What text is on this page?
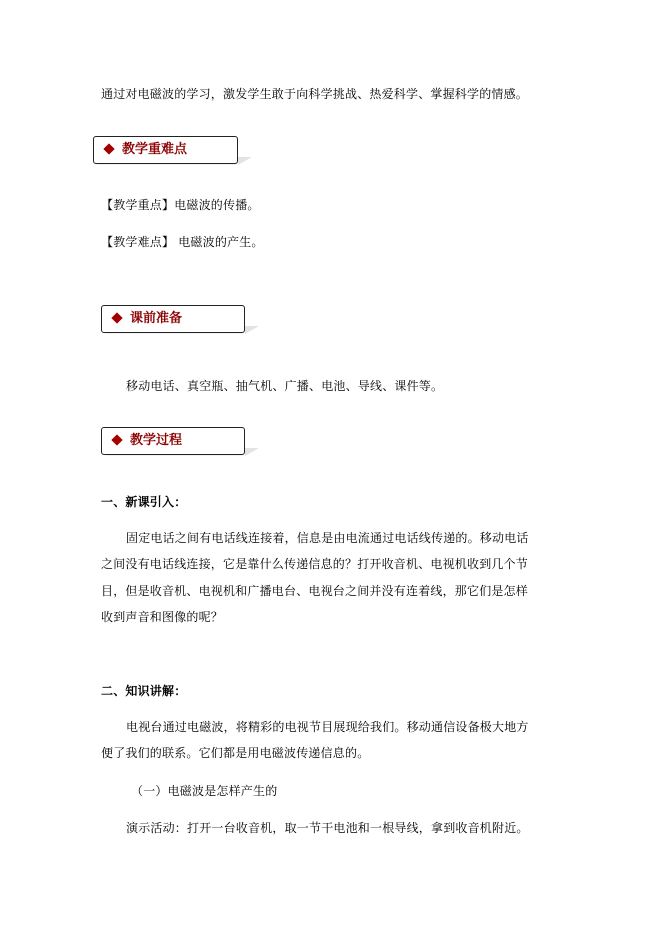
通过对电磁波的学习，激发学生敢于向科学挑战、热爱科学、掌握科学的情感。
教学重难点
【教学重点】电磁波的传播。
【教学难点】 电磁波的产生。
课前准备
移动电话、真空瓶、抽气机、广播、电池、导线、课件等。
教学过程
一、新课引入：
固定电话之间有电话线连接着，信息是由电流通过电话线传递的。移动电话
之间没有电话线连接，它是靠什么传递信息的？打开收音机、电视机收到几个节
目，但是收音机、电视机和广播电台、电视台之间并没有连着线，那它们是怎样
收到声音和图像的呢？
二、知识讲解：
电视台通过电磁波，将精彩的电视节目展现给我们。移动通信设备极大地方
便了我们的联系。它们都是用电磁波传递信息的。
（一）电磁波是怎样产生的
演示活动：打开一台收音机，取一节干电池和一根导线，拿到收音机附近。
